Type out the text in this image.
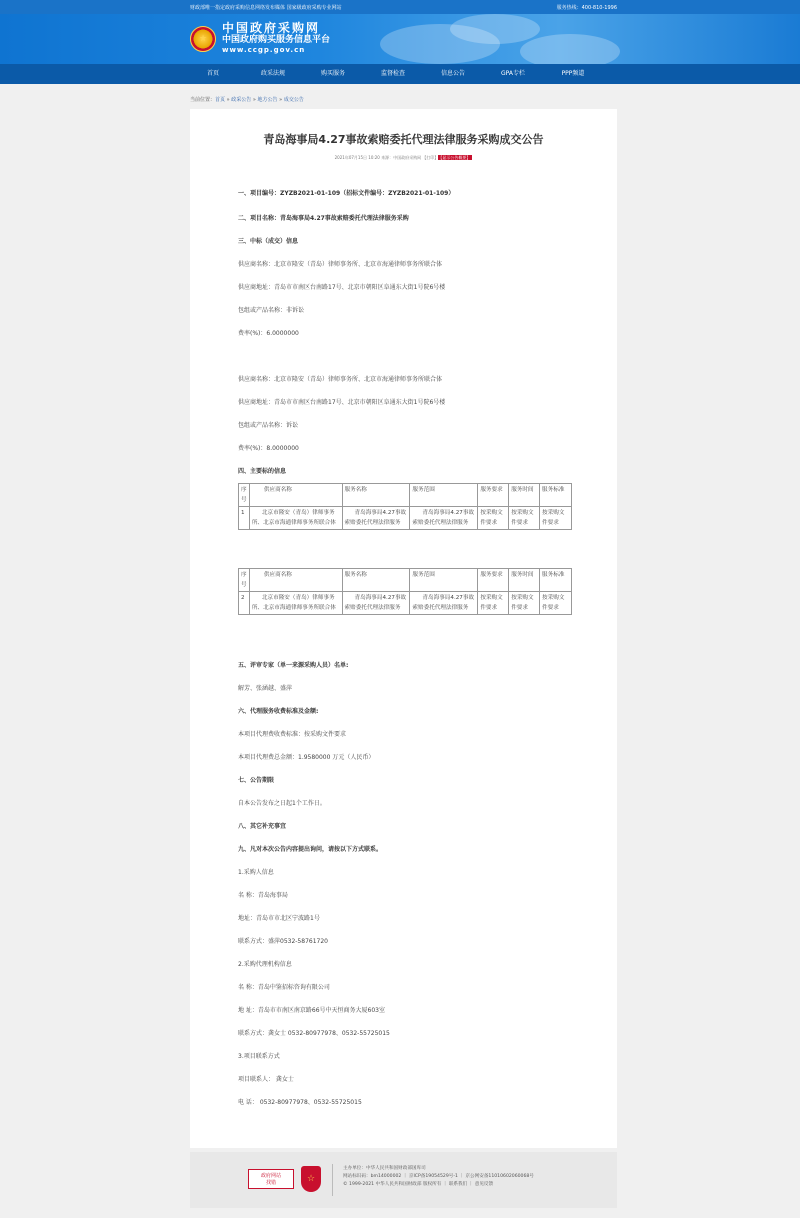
财政部唯一指定政府采购信息网络发布媒体 国家级政府采购专业网站	服务热线：400-810-1996
★
中国政府采购网
中国政府购买服务信息平台
www.ccgp.gov.cn
首页	政采法规	购买服务	监督检查	信息公告	GPA专栏	PPP频道
当前位置：首页 » 政采公告 » 地方公告 » 成交公告
青岛海事局4.27事故索赔委托代理法律服务采购成交公告
2021年07月15日 10:20 来源：中国政府采购网 【打印】 【显示公告概要】
一、项目编号：ZYZB2021-01-109（招标文件编号：ZYZB2021-01-109）
二、项目名称：青岛海事局4.27事故索赔委托代理法律服务采购
三、中标（成交）信息
供应商名称：北京市隆安（青岛）律师事务所、北京市海通律师事务所联合体
供应商地址：青岛市市南区台南路17号、北京市朝阳区阜通东大街1号院6号楼
包组或产品名称：非诉讼
费率(%)：6.0000000
供应商名称：北京市隆安（青岛）律师事务所、北京市海通律师事务所联合体
供应商地址：青岛市市南区台南路17号、北京市朝阳区阜通东大街1号院6号楼
包组或产品名称：诉讼
费率(%)：8.0000000
四、主要标的信息
五、评审专家（单一来源采购人员）名单:
解芳、张涵越、盛萍
六、代理服务收费标准及金额:
本项目代理费收费标准：按采购文件要求
本项目代理费总金额：1.9580000 万元（人民币）
七、公告期限
自本公告发布之日起1个工作日。
八、其它补充事宜
九、凡对本次公告内容提出询问，请按以下方式联系。
1.采购人信息
名 称：青岛海事局
地址：青岛市市北区宁波路1号
联系方式：盛萍0532-58761720
2.采购代理机构信息
名 称：青岛中鉴招标咨询有限公司
地 址：青岛市市南区南京路66号中天恒商务大厦603室
联系方式：龚女士 0532-80977978、0532-55725015
3.项目联系方式
项目联系人： 龚女士
电 话： 0532-80977978、0532-55725015
序号	供应商名称	服务名称	服务范围	服务要求	服务时间	服务标准
1	北京市隆安（青岛）律师事务所、北京市海通律师事务所联合体	青岛海事局4.27事故索赔委托代理法律服务	青岛海事局4.27事故索赔委托代理法律服务	按采购文件要求	按采购文件要求	按采购文件要求
序号	供应商名称	服务名称	服务范围	服务要求	服务时间	服务标准
2	北京市隆安（青岛）律师事务所、北京市海通律师事务所联合体	青岛海事局4.27事故索赔委托代理法律服务	青岛海事局4.27事故索赔委托代理法律服务	按采购文件要求	按采购文件要求	按采购文件要求
政府网站
找错	☆
主办单位：中华人民共和国财政部国库司
网站标识码：bm14000002 ｜ 京ICP备19054529号-1 ｜ 京公网安备11010602060068号
© 1999-2021 中华人民共和国财政部 版权所有 ｜ 联系我们 ｜ 意见反馈
